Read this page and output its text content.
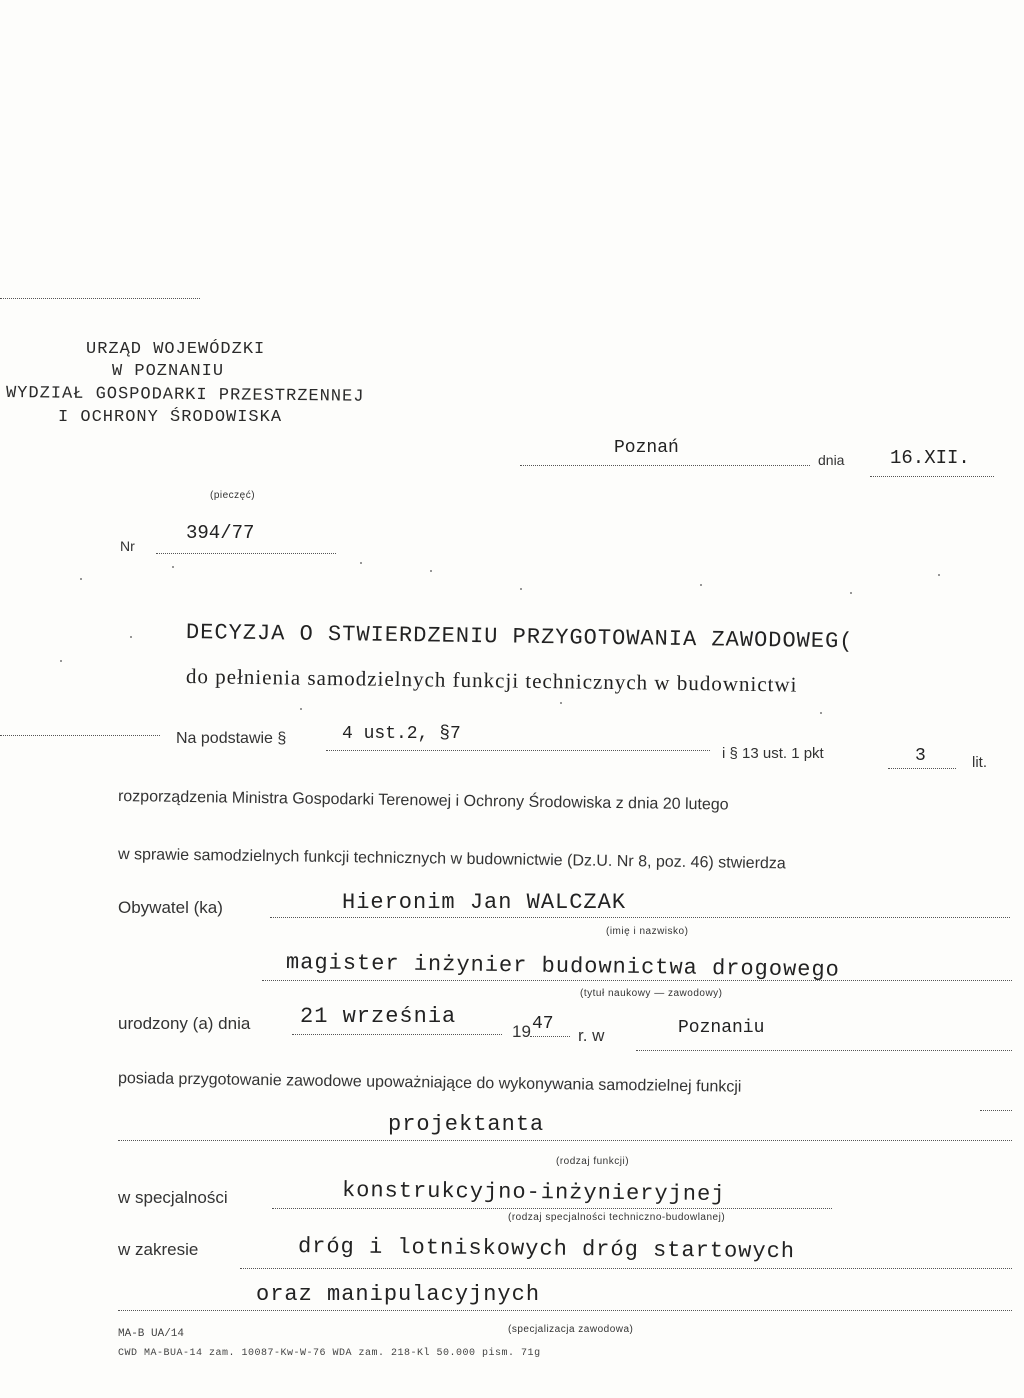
URZĄD WOJEWÓDZKI
W POZNANIU
WYDZIAŁ GOSPODARKI PRZESTRZENNEJ
I OCHRONY ŚRODOWISKA
Poznań
dnia 16.XII.
(pieczęć)
Nr
394/77
DECYZJA O STWIERDZENIU PRZYGOTOWANIA ZAWODOWEG(
do pełnienia samodzielnych funkcji technicznych w budownictwi
Na podstawie §	4 ust.2, §7
i § 13 ust. 1 pkt	3	lit.
rozporządzenia Ministra Gospodarki Terenowej i Ochrony Środowiska z dnia 20 lutego
w sprawie samodzielnych funkcji technicznych w budownictwie (Dz.U. Nr 8, poz. 46) stwierdza
Obywatel (ka)	Hieronim Jan WALCZAK
(imię i nazwisko)
magister inżynier budownictwa drogowego
(tytuł naukowy — zawodowy)
urodzony (a) dnia 21 września
19 47
r. w	Poznaniu
posiada przygotowanie zawodowe upoważniające do wykonywania samodzielnej funkcji
projektanta
(rodzaj funkcji)
w specjalności	konstrukcyjno-inżynieryjnej
(rodzaj specjalności techniczno-budowlanej)
w zakresie	dróg i lotniskowych dróg startowych
oraz manipulacyjnych
(specjalizacja zawodowa)
MA-B UA/14
CWD MA-BUA-14 zam. 10087-Kw-W-76 WDA zam. 218-Kl 50.000 pism. 71g
